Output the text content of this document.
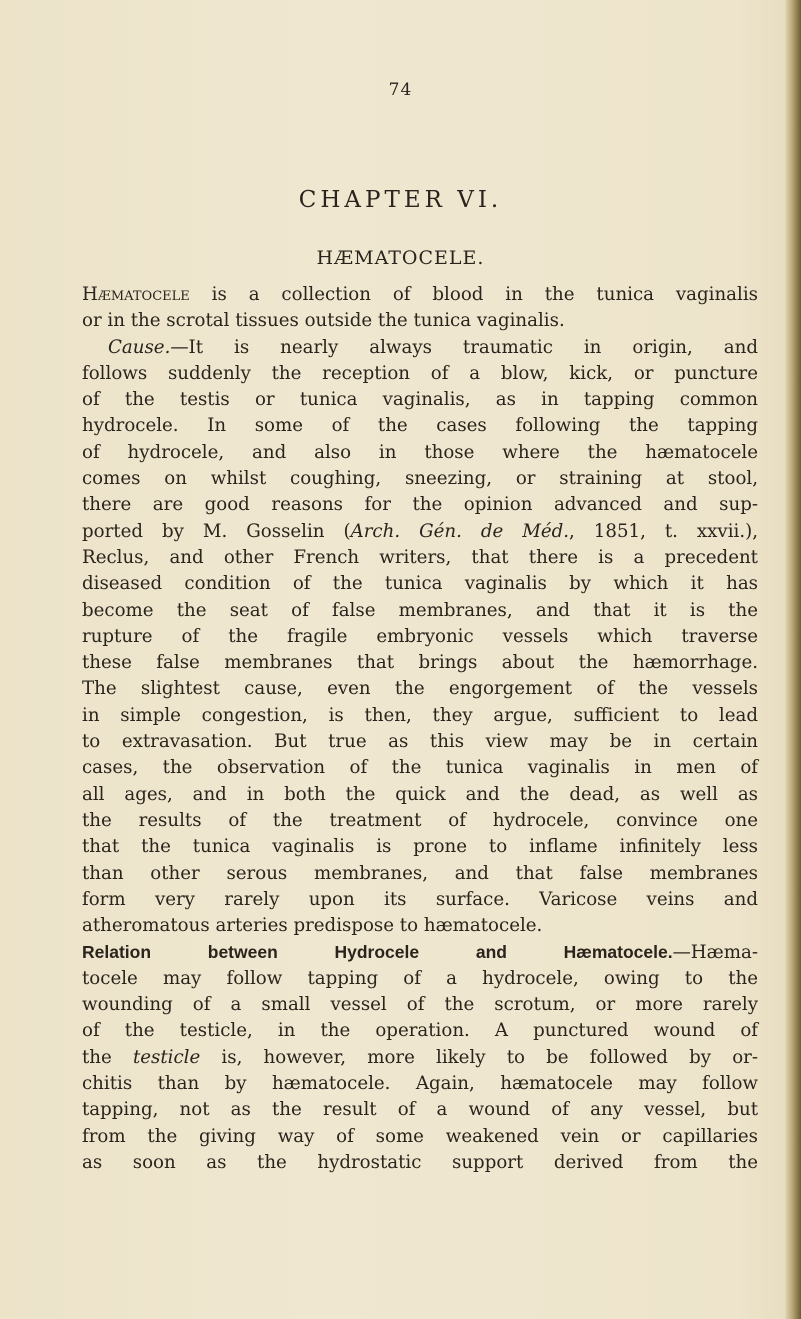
74
CHAPTER VI.
HÆMATOCELE.
Hæmatocele is a collection of blood in the tunica vaginalis
or in the scrotal tissues outside the tunica vaginalis.
Cause.—It is nearly always traumatic in origin, and
follows suddenly the reception of a blow, kick, or puncture
of the testis or tunica vaginalis, as in tapping common
hydrocele. In some of the cases following the tapping
of hydrocele, and also in those where the hæmatocele
comes on whilst coughing, sneezing, or straining at stool,
there are good reasons for the opinion advanced and sup-
ported by M. Gosselin (Arch. Gén. de Méd., 1851, t. xxvii.),
Reclus, and other French writers, that there is a precedent
diseased condition of the tunica vaginalis by which it has
become the seat of false membranes, and that it is the
rupture of the fragile embryonic vessels which traverse
these false membranes that brings about the hæmorrhage.
The slightest cause, even the engorgement of the vessels
in simple congestion, is then, they argue, sufficient to lead
to extravasation. But true as this view may be in certain
cases, the observation of the tunica vaginalis in men of
all ages, and in both the quick and the dead, as well as
the results of the treatment of hydrocele, convince one
that the tunica vaginalis is prone to inflame infinitely less
than other serous membranes, and that false membranes
form very rarely upon its surface. Varicose veins and
atheromatous arteries predispose to hæmatocele.
Relation between Hydrocele and Hæmatocele.—Hæma-
tocele may follow tapping of a hydrocele, owing to the
wounding of a small vessel of the scrotum, or more rarely
of the testicle, in the operation. A punctured wound of
the testicle is, however, more likely to be followed by or-
chitis than by hæmatocele. Again, hæmatocele may follow
tapping, not as the result of a wound of any vessel, but
from the giving way of some weakened vein or capillaries
as soon as the hydrostatic support derived from the
